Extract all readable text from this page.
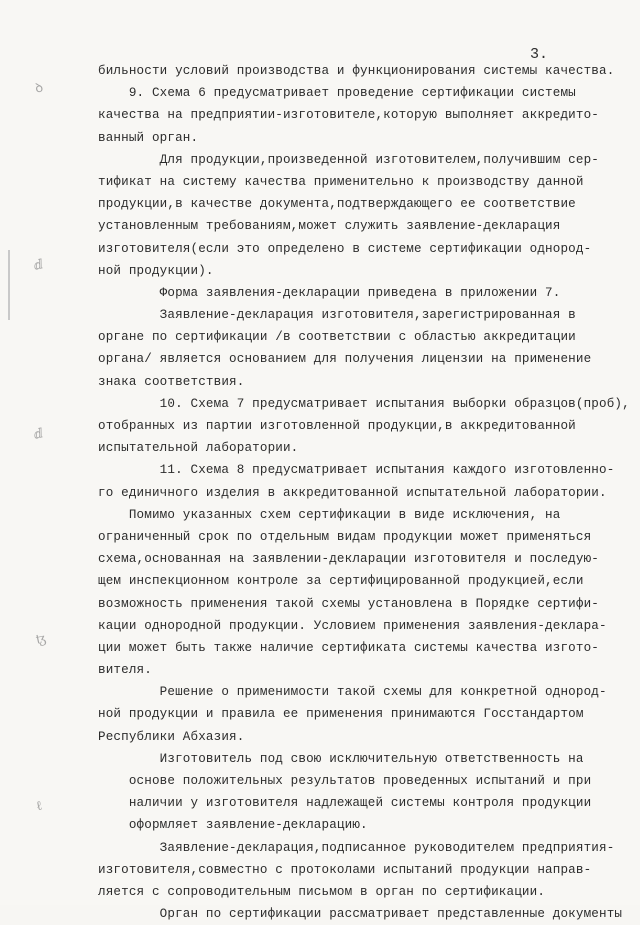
ꝺ
ⅆ
ⅆ
ꜩ
ℓ
3.
бильности условий производства и функционирования системы качества.
9. Схема 6 предусматривает проведение сертификации системы
качества на предприятии-изготовителе,которую выполняет аккредито-
ванный орган.
Для продукции,произведенной изготовителем,получившим сер-
тификат на систему качества применительно к производству данной
продукции,в качестве документа,подтверждающего ее соответствие
установленным требованиям,может служить заявление-декларация
изготовителя(если это определено в системе сертификации однород-
ной продукции).
Форма заявления-декларации приведена в приложении 7.
Заявление-декларация изготовителя,зарегистрированная в
органе по сертификации /в соответствии с областью аккредитации
органа/ является основанием для получения лицензии на применение
знака соответствия.
10. Схема 7 предусматривает испытания выборки образцов(проб),
отобранных из партии изготовленной продукции,в аккредитованной
испытательной лаборатории.
11. Схема 8 предусматривает испытания каждого изготовленно-
го единичного изделия в аккредитованной испытательной лаборатории.
Помимо указанных схем сертификации в виде исключения, на
ограниченный срок по отдельным видам продукции может применяться
схема,основанная на заявлении-декларации изготовителя и последую-
щем инспекционном контроле за сертифицированной продукцией,если
возможность применения такой схемы установлена в Порядке сертифи-
кации однородной продукции. Условием применения заявления-деклара-
ции может быть также наличие сертификата системы качества изгото-
вителя.
Решение о применимости такой схемы для конкретной однород-
ной продукции и правила ее применения принимаются Госстандартом
Республики Абхазия.
Изготовитель под свою исключительную ответственность на
основе положительных результатов проведенных испытаний и при
наличии у изготовителя надлежащей системы контроля продукции
оформляет заявление-декларацию.
Заявление-декларация,подписанное руководителем предприятия-
изготовителя,совместно с протоколами испытаний продукции направ-
ляется с сопроводительным письмом в орган по сертификации.
Орган по сертификации рассматривает представленные документы
